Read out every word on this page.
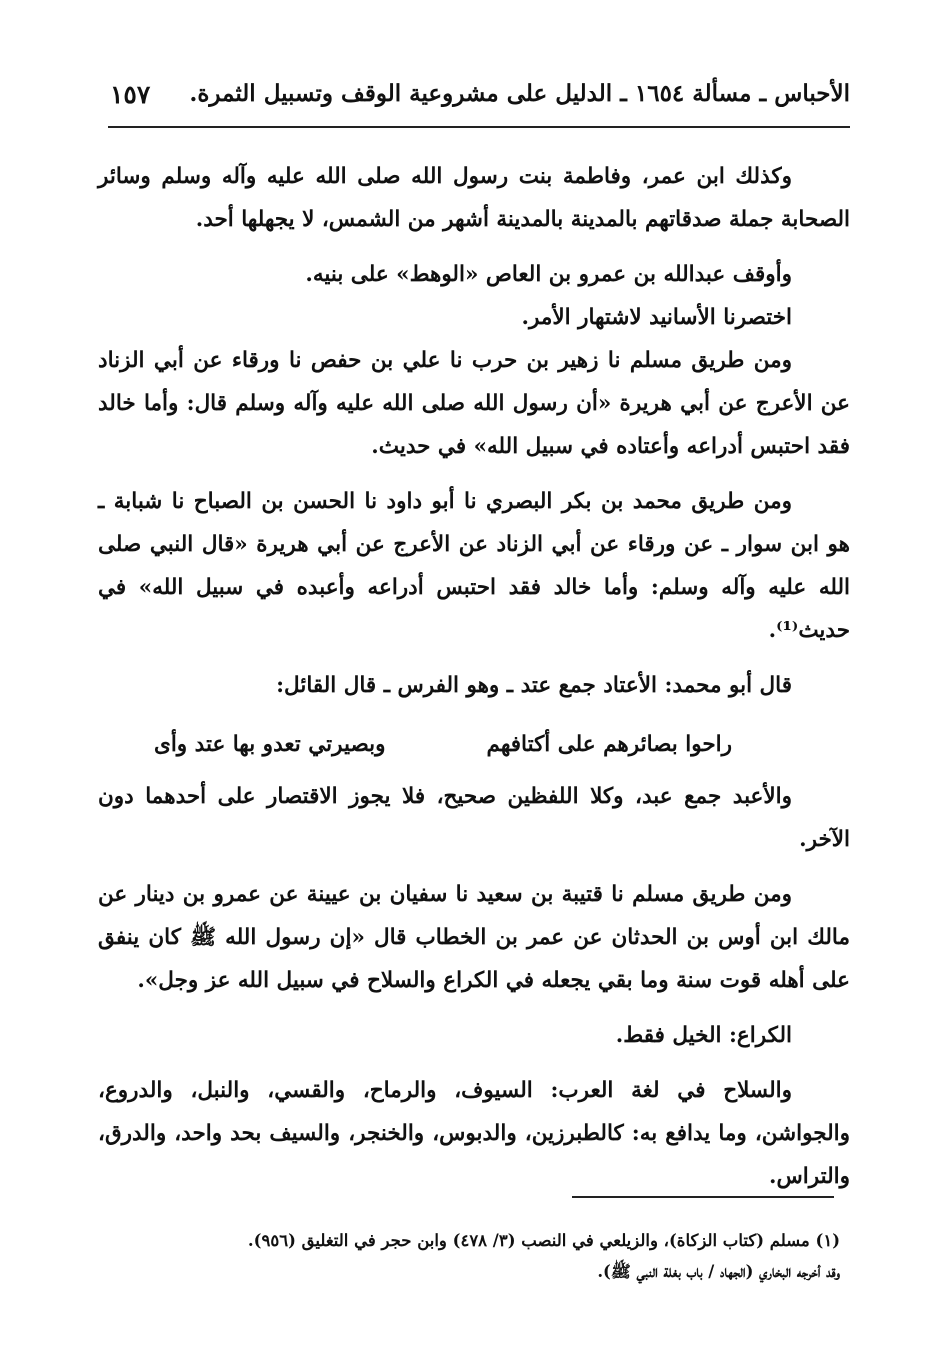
الأحباس ـ مسألة ١٦٥٤ ـ الدليل على مشروعية الوقف وتسبيل الثمرة.
١٥٧

وكذلك ابن عمر، وفاطمة بنت رسول الله صلى الله عليه وآله وسلم وسائر الصحابة جملة صدقاتهم بالمدينة بالمدينة أشهر من الشمس، لا يجهلها أحد.

وأوقف عبدالله بن عمرو بن العاص «الوهط» على بنيه.

اختصرنا الأسانيد لاشتهار الأمر.

ومن طريق مسلم نا زهير بن حرب نا علي بن حفص نا ورقاء عن أبي الزناد عن الأعرج عن أبي هريرة «أن رسول الله صلى الله عليه وآله وسلم قال: وأما خالد فقد احتبس أدراعه وأعتاده في سبيل الله» في حديث.

ومن طريق محمد بن بكر البصري نا أبو داود نا الحسن بن الصباح نا شبابة ـ هو ابن سوار ـ عن ورقاء عن أبي الزناد عن الأعرج عن أبي هريرة «قال النبي صلى الله عليه وآله وسلم: وأما خالد فقد احتبس أدراعه وأعبده في سبيل الله» في حديث⁽¹⁾.

قال أبو محمد: الأعتاد جمع عتد ـ وهو الفرس ـ قال القائل:

راحوا بصائرهم على أكتافهم
وبصيرتي تعدو بها عتد وأى

والأعبد جمع عبد، وكلا اللفظين صحيح، فلا يجوز الاقتصار على أحدهما دون الآخر.

ومن طريق مسلم نا قتيبة بن سعيد نا سفيان بن عيينة عن عمرو بن دينار عن مالك ابن أوس بن الحدثان عن عمر بن الخطاب قال «إن رسول الله ﷺ كان ينفق على أهله قوت سنة وما بقي يجعله في الكراع والسلاح في سبيل الله عز وجل».

الكراع: الخيل فقط.

والسلاح في لغة العرب: السيوف، والرماح، والقسي، والنبل، والدروع، والجواشن، وما يدافع به: كالطبرزين، والدبوس، والخنجر، والسيف بحد واحد، والدرق، والتراس.

(١) مسلم (كتاب الزكاة)، والزيلعي في النصب (٣/ ٤٧٨) وابن حجر في التغليق (٩٥٦).
وقد أخرجه البخاري (الجهاد / باب بغلة النبي ﷺ).
